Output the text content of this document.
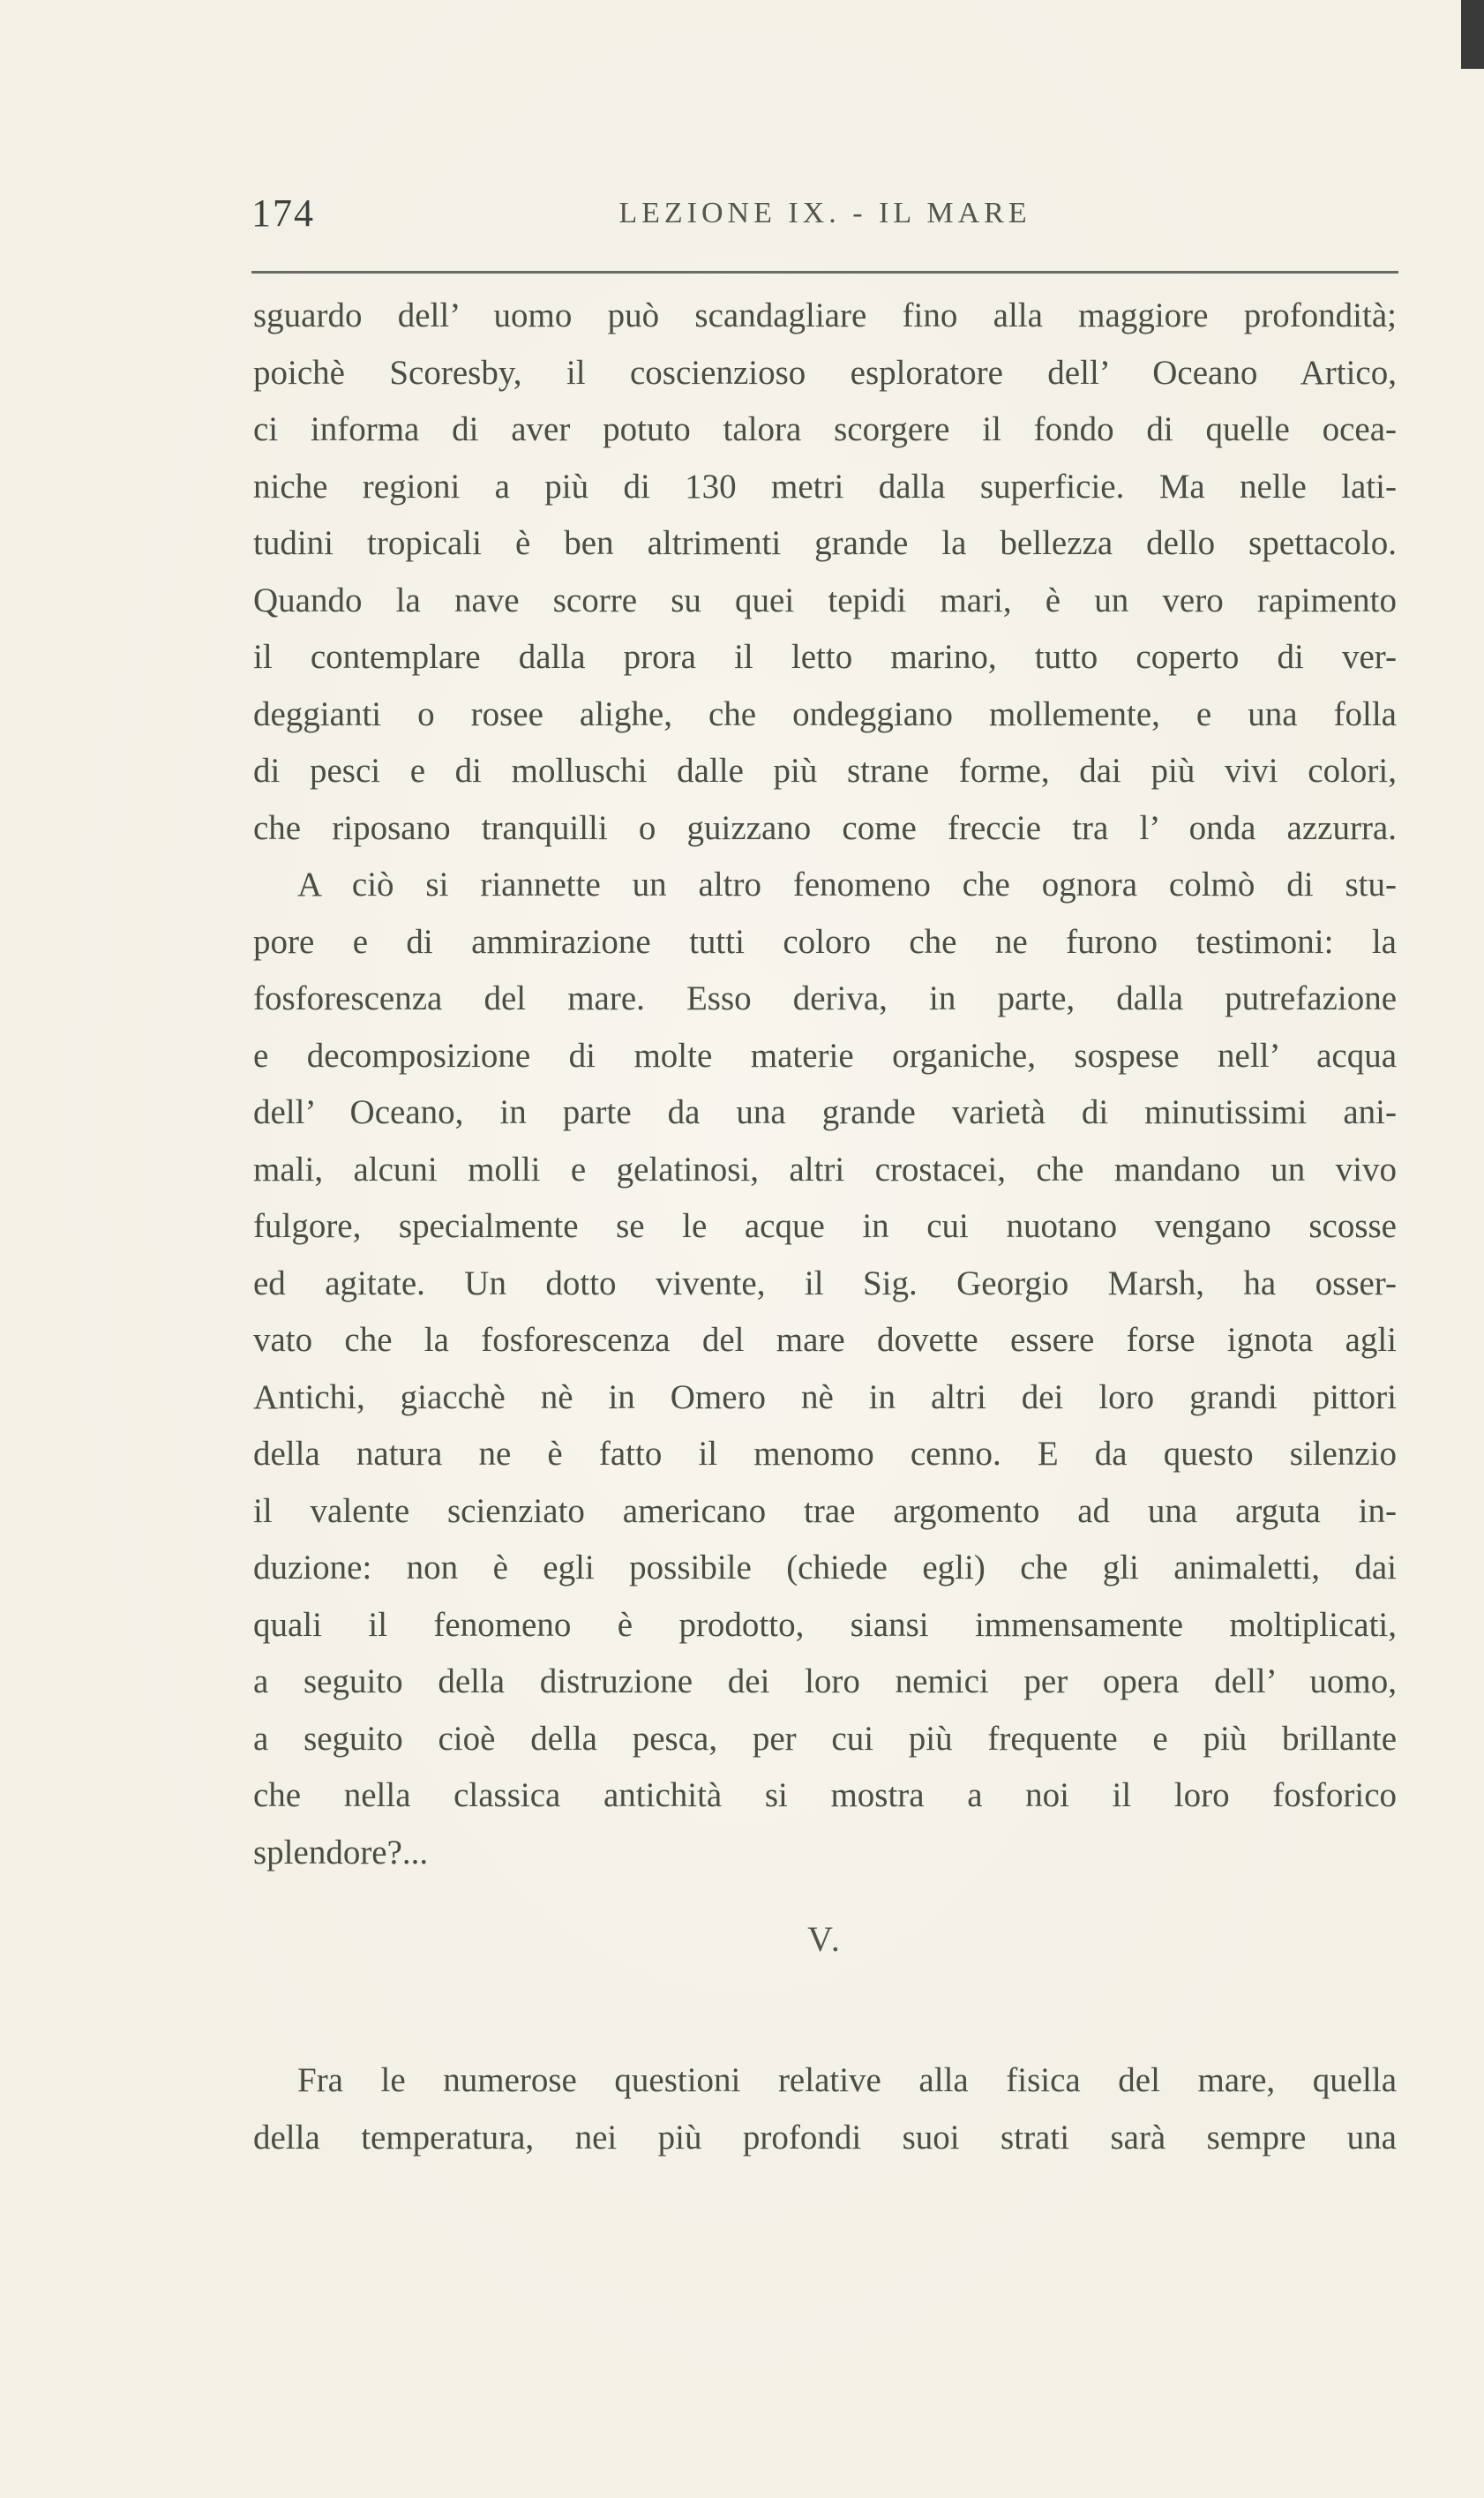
174	LEZIONE IX. - IL MARE
sguardo dell’ uomo può scandagliare fino alla maggiore profondità;
poichè Scoresby, il coscienzioso esploratore dell’ Oceano Artico,
ci informa di aver potuto talora scorgere il fondo di quelle ocea-
niche regioni a più di 130 metri dalla superficie. Ma nelle lati-
tudini tropicali è ben altrimenti grande la bellezza dello spettacolo.
Quando la nave scorre su quei tepidi mari, è un vero rapimento
il contemplare dalla prora il letto marino, tutto coperto di ver-
deggianti o rosee alighe, che ondeggiano mollemente, e una folla
di pesci e di molluschi dalle più strane forme, dai più vivi colori,
che riposano tranquilli o guizzano come freccie tra l’ onda azzurra.
A ciò si riannette un altro fenomeno che ognora colmò di stu-
pore e di ammirazione tutti coloro che ne furono testimoni: la
fosforescenza del mare. Esso deriva, in parte, dalla putrefazione
e decomposizione di molte materie organiche, sospese nell’ acqua
dell’ Oceano, in parte da una grande varietà di minutissimi ani-
mali, alcuni molli e gelatinosi, altri crostacei, che mandano un vivo
fulgore, specialmente se le acque in cui nuotano vengano scosse
ed agitate. Un dotto vivente, il Sig. Georgio Marsh, ha osser-
vato che la fosforescenza del mare dovette essere forse ignota agli
Antichi, giacchè nè in Omero nè in altri dei loro grandi pittori
della natura ne è fatto il menomo cenno. E da questo silenzio
il valente scienziato americano trae argomento ad una arguta in-
duzione: non è egli possibile (chiede egli) che gli animaletti, dai
quali il fenomeno è prodotto, siansi immensamente moltiplicati,
a seguito della distruzione dei loro nemici per opera dell’ uomo,
a seguito cioè della pesca, per cui più frequente e più brillante
che nella classica antichità si mostra a noi il loro fosforico
splendore?...
V.
Fra le numerose questioni relative alla fisica del mare, quella
della temperatura, nei più profondi suoi strati sarà sempre una
